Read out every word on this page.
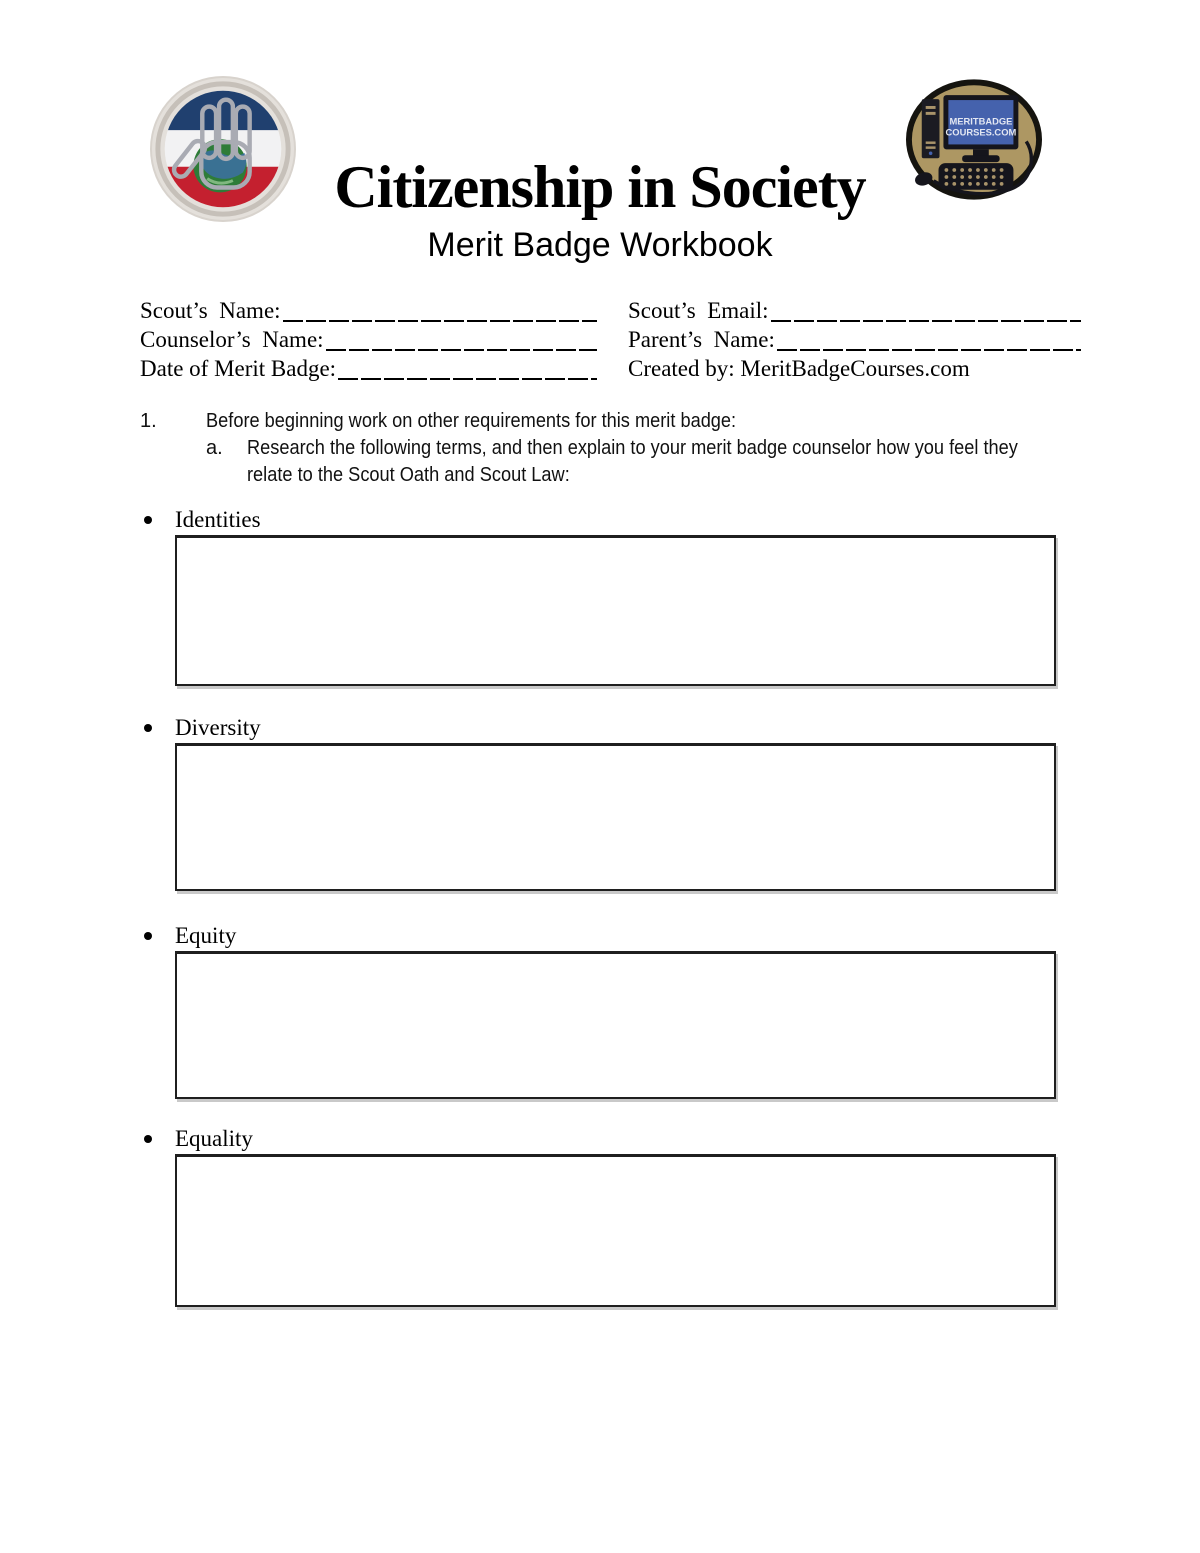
Citizenship in Society
Merit Badge Workbook
MERITBADGE
COURSES.COM
Scout’s  Name:	Scout’s  Email:
Counselor’s  Name:	Parent’s  Name:
Date of Merit Badge:	Created by: MeritBadgeCourses.com
1.	Before beginning work on other requirements for this merit badge:
a.	Research the following terms, and then explain to your merit badge counselor how you feel they relate to the Scout Oath and Scout Law:
Identities
Diversity
Equity
Equality
